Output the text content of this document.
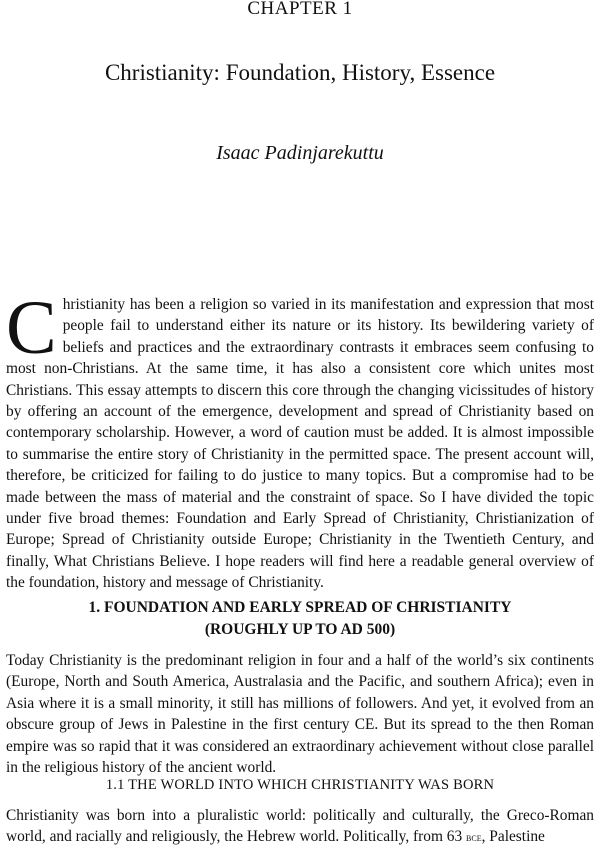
CHAPTER 1
Christianity: Foundation, History, Essence
Isaac Padinjarekuttu

Christianity has been a religion so varied in its manifestation and expression that most people fail to understand either its nature or its history. Its bewildering variety of beliefs and practices and the extraordinary contrasts it embraces seem confusing to most non-Christians. At the same time, it has also a consistent core which unites most Christians. This essay attempts to discern this core through the changing vicissitudes of history by offering an account of the emergence, development and spread of Christianity based on contemporary scholarship. However, a word of caution must be added. It is almost impossible to summarise the entire story of Christianity in the permitted space. The present account will, therefore, be criticized for failing to do justice to many topics. But a compromise had to be made between the mass of material and the constraint of space. So I have divided the topic under five broad themes: Foundation and Early Spread of Christianity, Christianization of Europe; Spread of Christianity outside Europe; Christianity in the Twentieth Century, and finally, What Christians Believe. I hope readers will find here a readable general overview of the foundation, history and message of Christianity.

1. FOUNDATION AND EARLY SPREAD OF CHRISTIANITY
(ROUGHLY UP TO AD 500)

Today Christianity is the predominant religion in four and a half of the world’s six continents (Europe, North and South America, Australasia and the Pacific, and southern Africa); even in Asia where it is a small minority, it still has millions of followers. And yet, it evolved from an obscure group of Jews in Palestine in the first century CE. But its spread to the then Roman empire was so rapid that it was considered an extraordinary achievement without close parallel in the religious history of the ancient world.

1.1 THE WORLD INTO WHICH CHRISTIANITY WAS BORN

Christianity was born into a pluralistic world: politically and culturally, the Greco-Roman world, and racially and religiously, the Hebrew world. Politically, from 63 bce, Palestine
